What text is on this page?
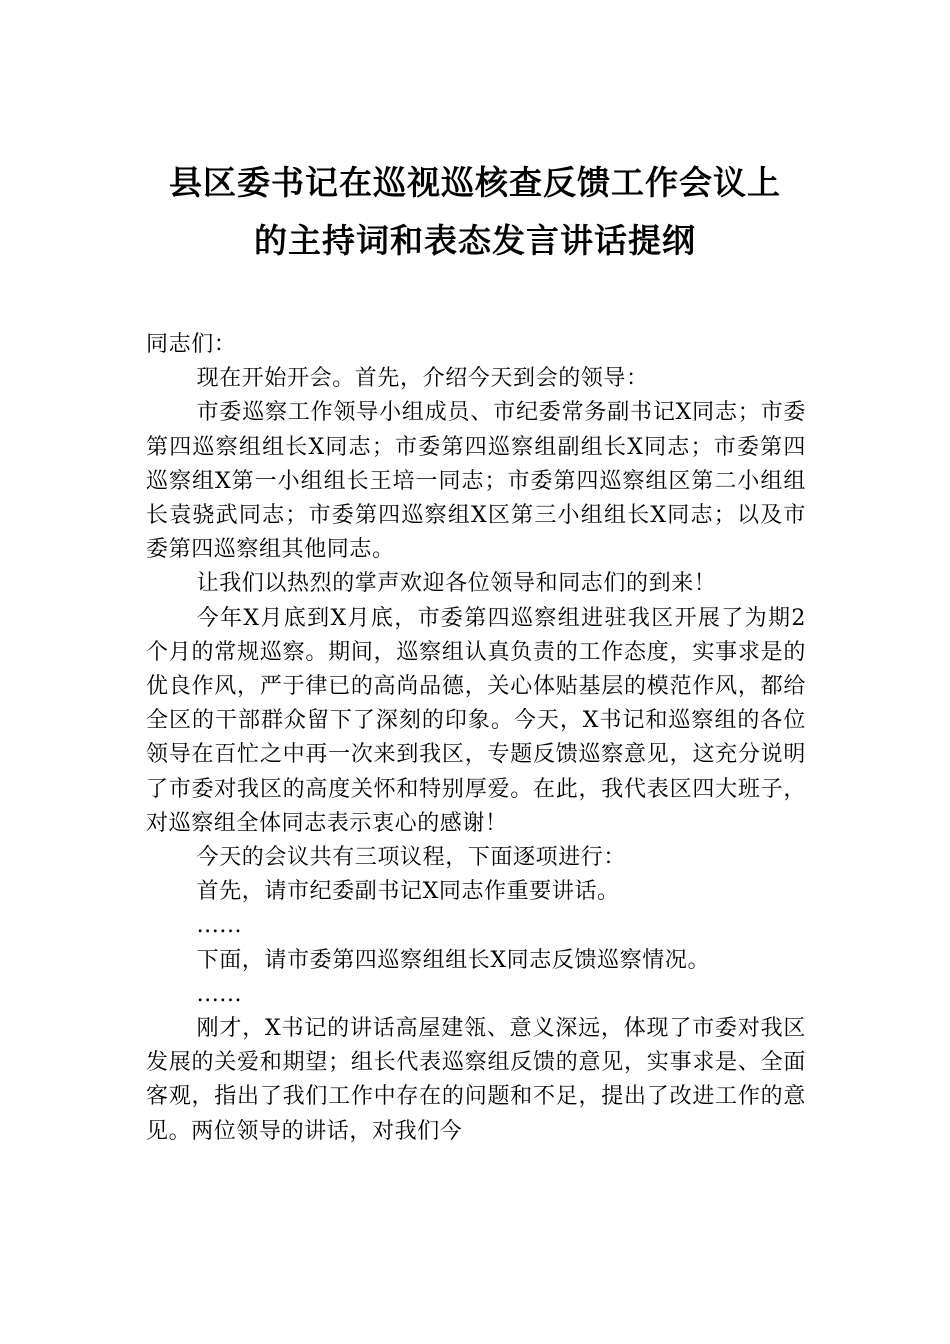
县区委书记在巡视巡核查反馈工作会议上
的主持词和表态发言讲话提纲

同志们：

现在开始开会。首先，介绍今天到会的领导：

市委巡察工作领导小组成员、市纪委常务副书记X同志；市委第四巡察组组长X同志；市委第四巡察组副组长X同志；市委第四巡察组X第一小组组长王培一同志；市委第四巡察组区第二小组组长袁骁武同志；市委第四巡察组X区第三小组组长X同志；以及市委第四巡察组其他同志。

让我们以热烈的掌声欢迎各位领导和同志们的到来！

今年X月底到X月底，市委第四巡察组进驻我区开展了为期2个月的常规巡察。期间，巡察组认真负责的工作态度，实事求是的优良作风，严于律已的高尚品德，关心体贴基层的模范作风，都给全区的干部群众留下了深刻的印象。今天，X书记和巡察组的各位领导在百忙之中再一次来到我区，专题反馈巡察意见，这充分说明了市委对我区的高度关怀和特别厚爱。在此，我代表区四大班子，对巡察组全体同志表示衷心的感谢！

今天的会议共有三项议程，下面逐项进行：

首先，请市纪委副书记X同志作重要讲话。

......

下面，请市委第四巡察组组长X同志反馈巡察情况。

......

刚才，X书记的讲话高屋建瓴、意义深远，体现了市委对我区发展的关爱和期望；组长代表巡察组反馈的意见，实事求是、全面客观，指出了我们工作中存在的问题和不足，提出了改进工作的意见。两位领导的讲话，对我们今
